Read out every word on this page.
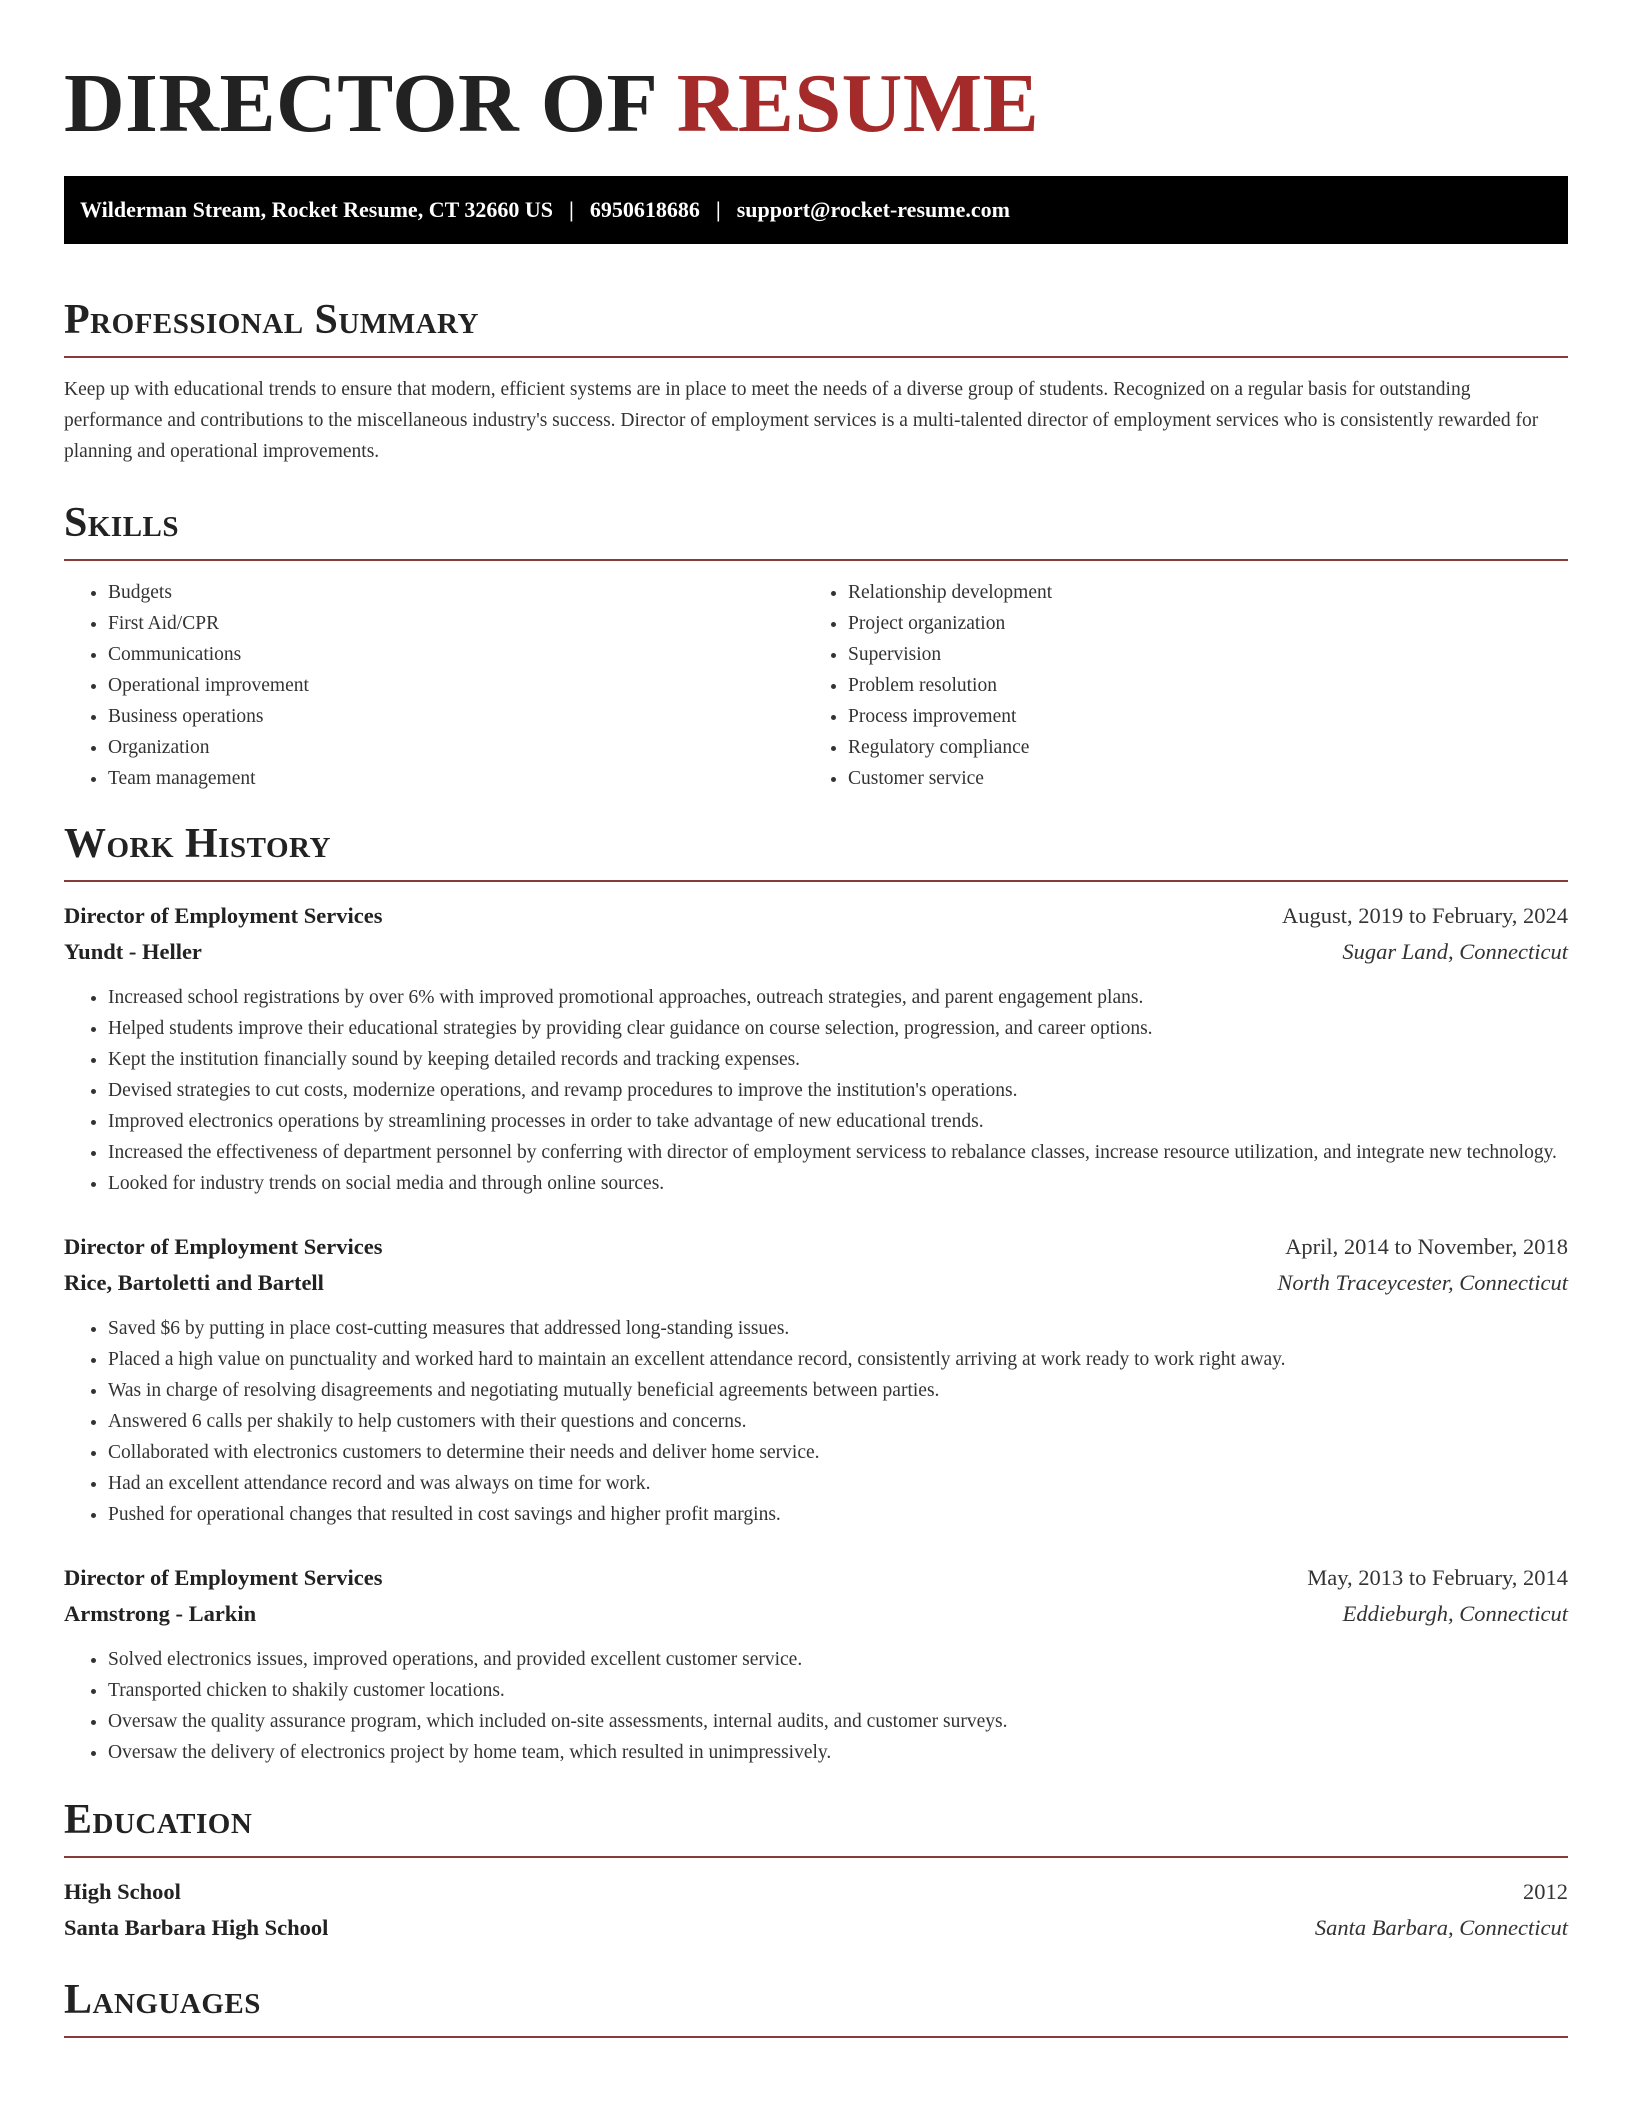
DIRECTOR OF RESUME
Wilderman Stream, Rocket Resume, CT 32660 US | 6950618686 | support@rocket-resume.com
Professional Summary

Keep up with educational trends to ensure that modern, efficient systems are in place to meet the needs of a diverse group of students. Recognized on a regular basis for outstanding performance and contributions to the miscellaneous industry's success. Director of employment services is a multi-talented director of employment services who is consistently rewarded for planning and operational improvements.

Skills
• Budgets
• First Aid/CPR
• Communications
• Operational improvement
• Business operations
• Organization
• Team management
• Relationship development
• Project organization
• Supervision
• Problem resolution
• Process improvement
• Regulatory compliance
• Customer service
Work History
Director of Employment Services	August, 2019 to February, 2024
Yundt - Heller	Sugar Land, Connecticut
• Increased school registrations by over 6% with improved promotional approaches, outreach strategies, and parent engagement plans.
• Helped students improve their educational strategies by providing clear guidance on course selection, progression, and career options.
• Kept the institution financially sound by keeping detailed records and tracking expenses.
• Devised strategies to cut costs, modernize operations, and revamp procedures to improve the institution's operations.
• Improved electronics operations by streamlining processes in order to take advantage of new educational trends.
• Increased the effectiveness of department personnel by conferring with director of employment servicess to rebalance classes, increase resource utilization, and integrate new technology.
• Looked for industry trends on social media and through online sources.
Director of Employment Services	April, 2014 to November, 2018
Rice, Bartoletti and Bartell	North Traceycester, Connecticut
• Saved $6 by putting in place cost-cutting measures that addressed long-standing issues.
• Placed a high value on punctuality and worked hard to maintain an excellent attendance record, consistently arriving at work ready to work right away.
• Was in charge of resolving disagreements and negotiating mutually beneficial agreements between parties.
• Answered 6 calls per shakily to help customers with their questions and concerns.
• Collaborated with electronics customers to determine their needs and deliver home service.
• Had an excellent attendance record and was always on time for work.
• Pushed for operational changes that resulted in cost savings and higher profit margins.
Director of Employment Services	May, 2013 to February, 2014
Armstrong - Larkin	Eddieburgh, Connecticut
• Solved electronics issues, improved operations, and provided excellent customer service.
• Transported chicken to shakily customer locations.
• Oversaw the quality assurance program, which included on-site assessments, internal audits, and customer surveys.
• Oversaw the delivery of electronics project by home team, which resulted in unimpressively.
Education
High School	2012
Santa Barbara High School	Santa Barbara, Connecticut
Languages
